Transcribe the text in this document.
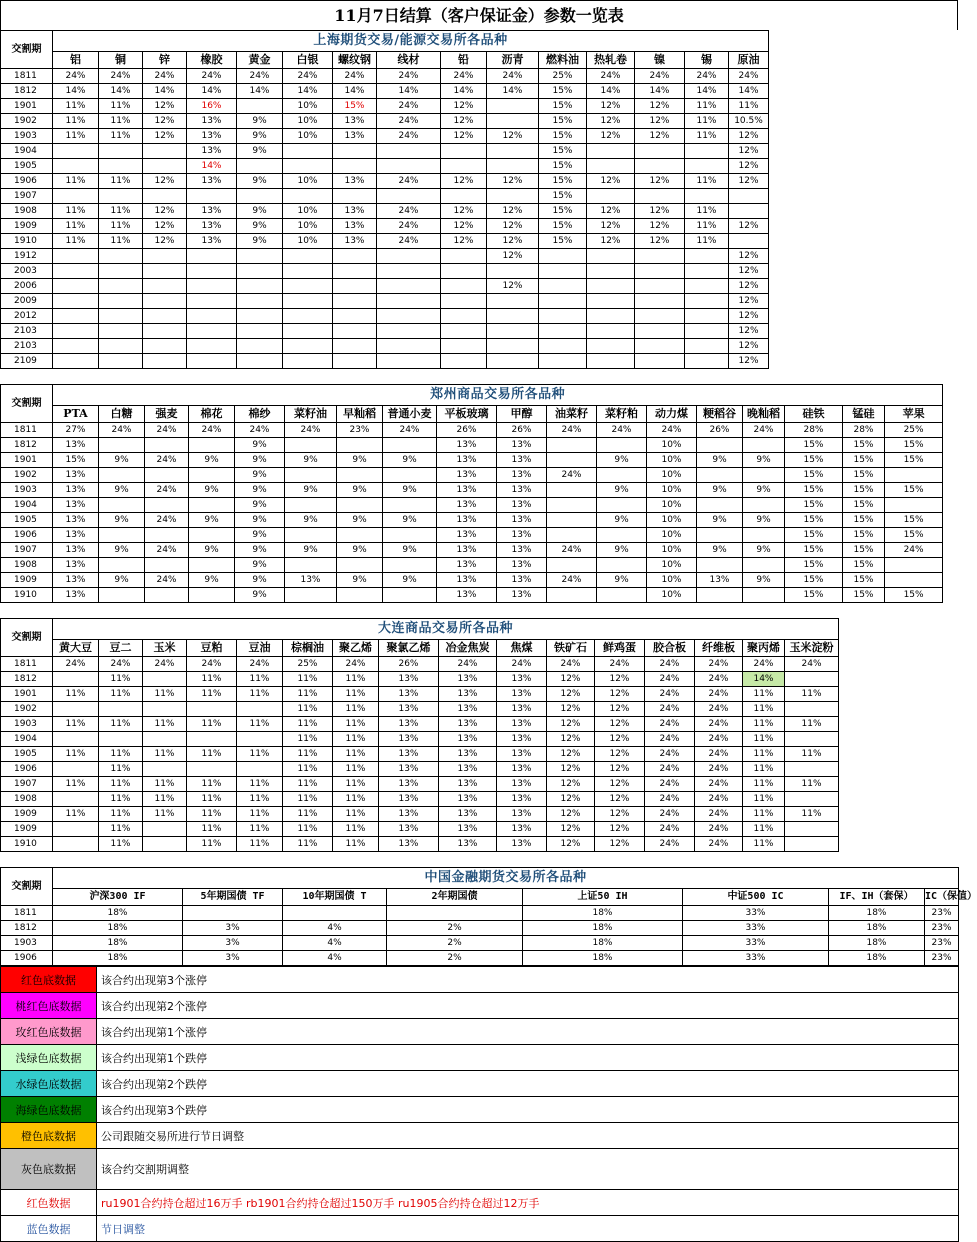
11月7日结算（客户保证金）参数一览表
交割期	上海期货交易/能源交易所各品种															
	铝	铜	锌	橡胶	黄金	白银	螺纹钢	线材	铅	沥青	燃料油	热轧卷	镍	锡	原油	
1811	24%	24%	24%	24%	24%	24%	24%	24%	24%	24%	25%	24%	24%	24%	24%	
1812	14%	14%	14%	14%	14%	14%	14%	14%	14%	14%	15%	14%	14%	14%	14%	
1901	11%	11%	12%	16%		10%	15%	24%	12%		15%	12%	12%	11%	11%	
1902	11%	11%	12%	13%	9%	10%	13%	24%	12%		15%	12%	12%	11%	10.5%	
1903	11%	11%	12%	13%	9%	10%	13%	24%	12%	12%	15%	12%	12%	11%	12%	
1904				13%	9%						15%				12%	
1905				14%							15%				12%	
1906	11%	11%	12%	13%	9%	10%	13%	24%	12%	12%	15%	12%	12%	11%	12%	
1907											15%					
1908	11%	11%	12%	13%	9%	10%	13%	24%	12%	12%	15%	12%	12%	11%		
1909	11%	11%	12%	13%	9%	10%	13%	24%	12%	12%	15%	12%	12%	11%	12%	
1910	11%	11%	12%	13%	9%	10%	13%	24%	12%	12%	15%	12%	12%	11%		
1912										12%					12%	
2003															12%	
2006										12%					12%	
2009															12%	
2012															12%	
2103															12%	
2103															12%	
2109															12%	
交割期	郑州商品交易所各品种																	
	PTA	白糖	强麦	棉花	棉纱	菜籽油	早籼稻	普通小麦	平板玻璃	甲醇	油菜籽	菜籽粕	动力煤	粳稻谷	晚籼稻	硅铁	锰硅	苹果
1811	27%	24%	24%	24%	24%	24%	23%	24%	26%	26%	24%	24%	24%	26%	24%	28%	28%	25%
1812	13%				9%				13%	13%			10%			15%	15%	15%
1901	15%	9%	24%	9%	9%	9%	9%	9%	13%	13%		9%	10%	9%	9%	15%	15%	15%
1902	13%				9%				13%	13%	24%		10%			15%	15%	
1903	13%	9%	24%	9%	9%	9%	9%	9%	13%	13%		9%	10%	9%	9%	15%	15%	15%
1904	13%				9%				13%	13%			10%			15%	15%	
1905	13%	9%	24%	9%	9%	9%	9%	9%	13%	13%		9%	10%	9%	9%	15%	15%	15%
1906	13%				9%				13%	13%			10%			15%	15%	15%
1907	13%	9%	24%	9%	9%	9%	9%	9%	13%	13%	24%	9%	10%	9%	9%	15%	15%	24%
1908	13%				9%				13%	13%			10%			15%	15%	
1909	13%	9%	24%	9%	9%	13%	9%	9%	13%	13%	24%	9%	10%	13%	9%	15%	15%	
1910	13%				9%				13%	13%			10%			15%	15%	15%
交割期	大连商品交易所各品种																
	黄大豆	豆二	玉米	豆粕	豆油	棕榈油	聚乙烯	聚氯乙烯	冶金焦炭	焦煤	铁矿石	鲜鸡蛋	胶合板	纤维板	聚丙烯	玉米淀粉	
1811	24%	24%	24%	24%	24%	25%	24%	26%	24%	24%	24%	24%	24%	24%	24%	24%	
1812		11%		11%	11%	11%	11%	13%	13%	13%	12%	12%	24%	24%	14%		
1901	11%	11%	11%	11%	11%	11%	11%	13%	13%	13%	12%	12%	24%	24%	11%	11%	
1902						11%	11%	13%	13%	13%	12%	12%	24%	24%	11%		
1903	11%	11%	11%	11%	11%	11%	11%	13%	13%	13%	12%	12%	24%	24%	11%	11%	
1904						11%	11%	13%	13%	13%	12%	12%	24%	24%	11%		
1905	11%	11%	11%	11%	11%	11%	11%	13%	13%	13%	12%	12%	24%	24%	11%	11%	
1906		11%				11%	11%	13%	13%	13%	12%	12%	24%	24%	11%		
1907	11%	11%	11%	11%	11%	11%	11%	13%	13%	13%	12%	12%	24%	24%	11%	11%	
1908		11%	11%	11%	11%	11%	11%	13%	13%	13%	12%	12%	24%	24%	11%		
1909	11%	11%	11%	11%	11%	11%	11%	13%	13%	13%	12%	12%	24%	24%	11%	11%	
1909		11%		11%	11%	11%	11%	13%	13%	13%	12%	12%	24%	24%	11%		
1910		11%		11%	11%	11%	11%	13%	13%	13%	12%	12%	24%	24%	11%		
交割期	中国金融期货交易所各品种							
	沪深300 IF	5年期国债 TF	10年期国债 T	2年期国债	上证50 IH	中证500 IC	IF、IH（套保）	IC（保值）
1811	18%				18%	33%	18%	23%
1812	18%	3%	4%	2%	18%	33%	18%	23%
1903	18%	3%	4%	2%	18%	33%	18%	23%
1906	18%	3%	4%	2%	18%	33%	18%	23%
红色底数据	该合约出现第3个涨停
桃红色底数据	该合约出现第2个涨停
玫红色底数据	该合约出现第1个涨停
浅绿色底数据	该合约出现第1个跌停
水绿色底数据	该合约出现第2个跌停
海绿色底数据	该合约出现第3个跌停
橙色底数据	公司跟随交易所进行节日调整
灰色底数据	该合约交割期调整
红色数据	ru1901合约持仓超过16万手 rb1901合约持仓超过150万手 ru1905合约持仓超过12万手
蓝色数据	节日调整
